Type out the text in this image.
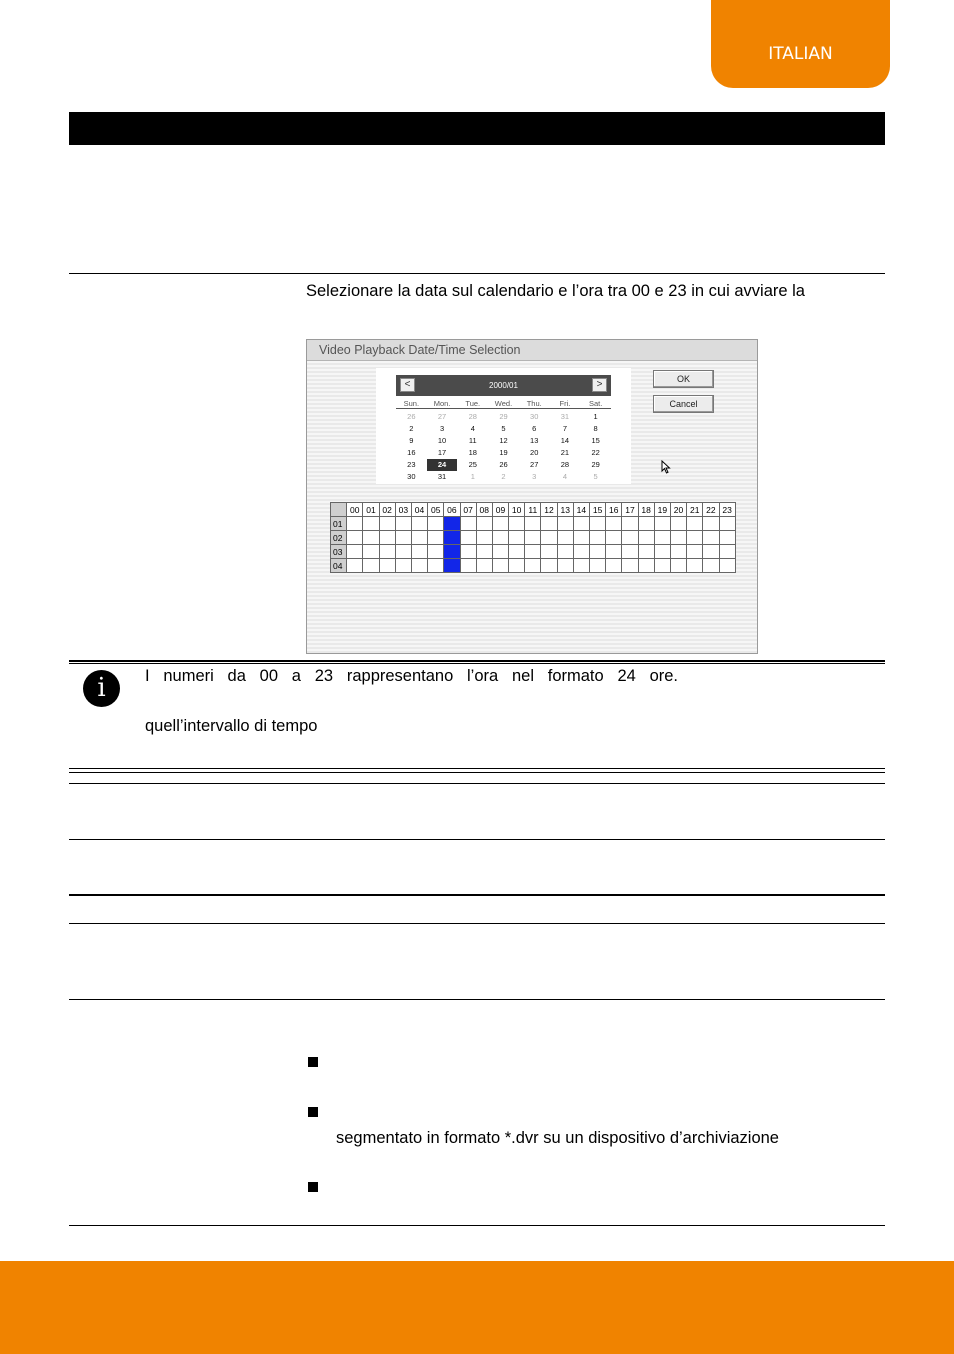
ITALIAN
Selezionare la data sul calendario e l’ora tra 00 e 23 in cui avviare la
Video Playback Date/Time Selection
<	2000/01	>
Sun.	Mon.	Tue.	Wed.	Thu.	Fri.	Sat.
26	27	28	29	30	31	1
2	3	4	5	6	7	8
9	10	11	12	13	14	15
16	17	18	19	20	21	22
23	24	25	26	27	28	29
30	31	1	2	3	4	5
OK
Cancel
	00	01	02	03	04	05	06	07	08	09	10	11	12	13	14	15	16	17	18	19	20	21	22	23
01																								
02																								
03																								
04																								
i	I numeri da 00 a 23 rappresentano l’ora nel formato 24 ore.
quell’intervallo di tempo
segmentato in formato *.dvr su un dispositivo d’archiviazione
